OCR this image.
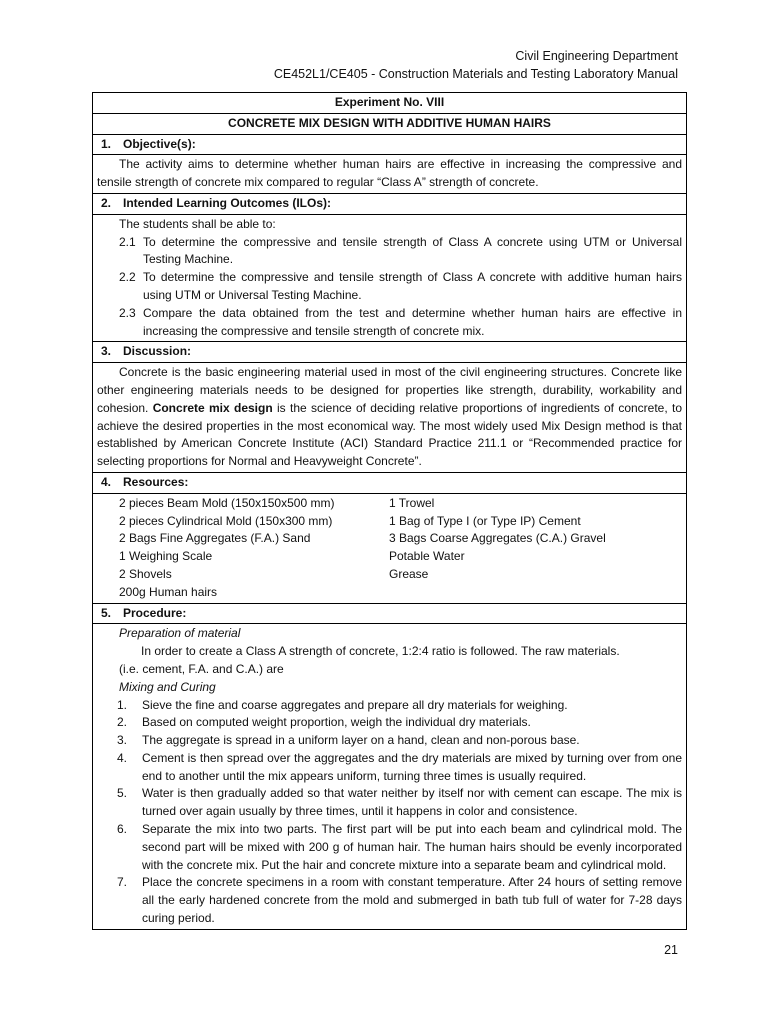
Civil Engineering Department
CE452L1/CE405 - Construction Materials and Testing Laboratory Manual
Experiment No. VIII
CONCRETE MIX DESIGN WITH ADDITIVE HUMAN HAIRS
1. Objective(s):
The activity aims to determine whether human hairs are effective in increasing the compressive and tensile strength of concrete mix compared to regular “Class A” strength of concrete.
2. Intended Learning Outcomes (ILOs):

The students shall be able to:
2.1 To determine the compressive and tensile strength of Class A concrete using UTM or Universal Testing Machine.
2.2 To determine the compressive and tensile strength of Class A concrete with additive human hairs using UTM or Universal Testing Machine.
2.3 Compare the data obtained from the test and determine whether human hairs are effective in increasing the compressive and tensile strength of concrete mix.

3. Discussion:
Concrete is the basic engineering material used in most of the civil engineering structures. Concrete like other engineering materials needs to be designed for properties like strength, durability, workability and cohesion. Concrete mix design is the science of deciding relative proportions of ingredients of concrete, to achieve the desired properties in the most economical way. The most widely used Mix Design method is that established by American Concrete Institute (ACI) Standard Practice 211.1 or “Recommended practice for selecting proportions for Normal and Heavyweight Concrete”.
4. Resources:

2 pieces Beam Mold (150x150x500 mm)	1 Trowel
2 pieces Cylindrical Mold (150x300 mm)	1 Bag of Type I (or Type IP) Cement
2 Bags Fine Aggregates (F.A.) Sand	3 Bags Coarse Aggregates (C.A.) Gravel
1 Weighing Scale	Potable Water
2 Shovels	Grease
200g Human hairs

5. Procedure:

Preparation of material
In order to create a Class A strength of concrete, 1:2:4 ratio is followed. The raw materials.
(i.e. cement, F.A. and C.A.) are
Mixing and Curing
1.	Sieve the fine and coarse aggregates and prepare all dry materials for weighing.
2.	Based on computed weight proportion, weigh the individual dry materials.
3.	The aggregate is spread in a uniform layer on a hand, clean and non-porous base.
4.	Cement is then spread over the aggregates and the dry materials are mixed by turning over from one end to another until the mix appears uniform, turning three times is usually required.
5.	Water is then gradually added so that water neither by itself nor with cement can escape. The mix is turned over again usually by three times, until it happens in color and consistence.
6.	Separate the mix into two parts. The first part will be put into each beam and cylindrical mold. The second part will be mixed with 200 g of human hair. The human hairs should be evenly incorporated with the concrete mix. Put the hair and concrete mixture into a separate beam and cylindrical mold.
7.	Place the concrete specimens in a room with constant temperature. After 24 hours of setting remove all the early hardened concrete from the mold and submerged in bath tub full of water for 7-28 days curing period.
21
